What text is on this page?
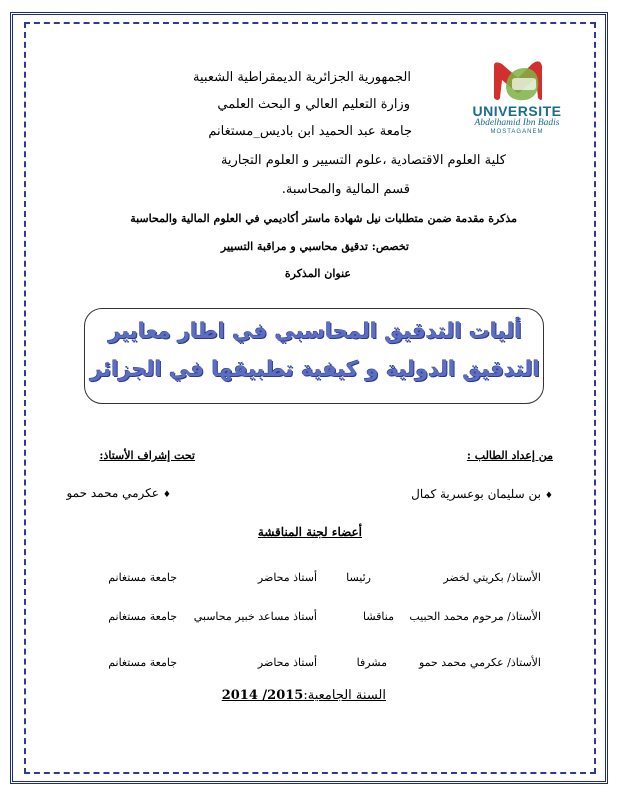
UNIVERSITE
Abdelhamid Ibn Badis
MOSTAGANEM
الجمهورية الجزائرية الديمقراطية الشعبية
وزارة التعليم العالي و البحث العلمي
جامعة عبد الحميد ابن باديس_مستغانم
كلية العلوم الاقتصادية ،علوم التسيير و العلوم التجارية
قسم المالية والمحاسبة.
مذكرة مقدمة ضمن متطلبات نيل شهادة ماستر أكاديمي في العلوم المالية والمحاسبة
تخصص: تدقيق محاسبي و مراقبة التسيير
عنوان المذكرة
أليات التدقيق المحاسبي في اطار معايير
التدقيق الدولية و كيفية تطبيقها في الجزائر
من إعداد الطالب :
تحت إشراف الأستاذ:
♦بن سليمان بوعسرية كمال
♦عكرمي محمد حمو
أعضاء لجنة المناقشة
الأستاذ/ بكريتي لخضر
رئيسا
أستاذ محاضر
جامعة مستغانم
الأستاذ/ مرحوم محمد الحبيب
مناقشا
أستاذ مساعد خبير محاسبي
جامعة مستغانم
الأستاذ/ عكرمي محمد حمو
مشرفا
أستاذ محاضر
جامعة مستغانم
السنة الجامعية:2014 /2015
